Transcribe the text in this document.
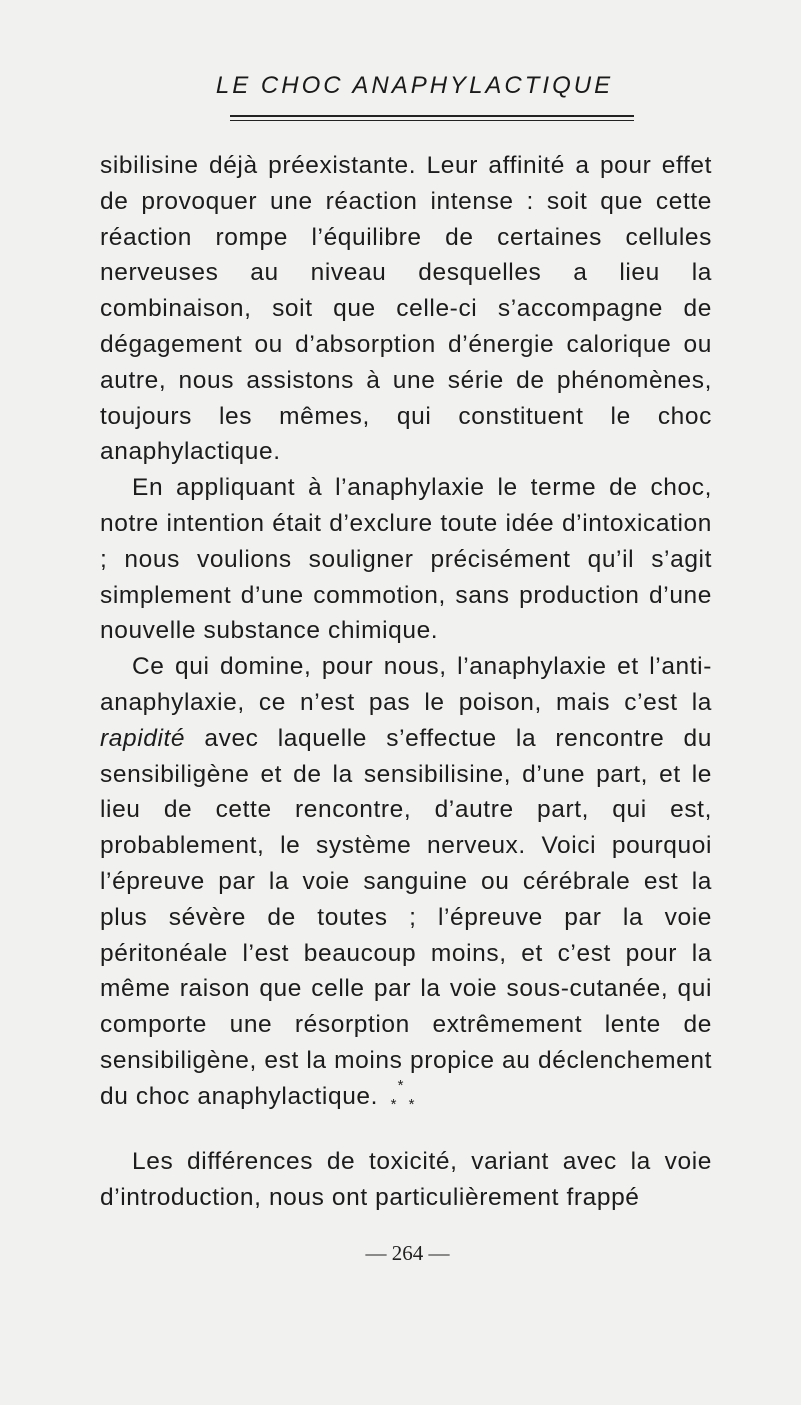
LE CHOC ANAPHYLACTIQUE

sibilisine déjà préexistante. Leur affinité a pour effet de provoquer une réaction intense : soit que cette réaction rompe l’équilibre de certaines cellules nerveuses au niveau desquelles a lieu la combinaison, soit que celle-ci s’accompagne de dégagement ou d’absorption d’énergie calorique ou autre, nous assistons à une série de phénomènes, toujours les mêmes, qui constituent le choc anaphylactique.

En appliquant à l’anaphylaxie le terme de choc, notre intention était d’exclure toute idée d’intoxication ; nous voulions souligner précisément qu’il s’agit simplement d’une commotion, sans production d’une nouvelle substance chimique.

Ce qui domine, pour nous, l’anaphylaxie et l’anti-anaphylaxie, ce n’est pas le poison, mais c’est la rapidité avec laquelle s’effectue la rencontre du sensibiligène et de la sensibilisine, d’une part, et le lieu de cette rencontre, d’autre part, qui est, probablement, le système nerveux. Voici pourquoi l’épreuve par la voie sanguine ou cérébrale est la plus sévère de toutes ; l’épreuve par la voie péritonéale l’est beaucoup moins, et c’est pour la même raison que celle par la voie sous-cutanée, qui comporte une résorption extrêmement lente de sensibiligène, est la moins propice au déclenchement du choc anaphylactique.	*
* *

Les différences de toxicité, variant avec la voie d’introduction, nous ont particulièrement frappé

— 264 —
